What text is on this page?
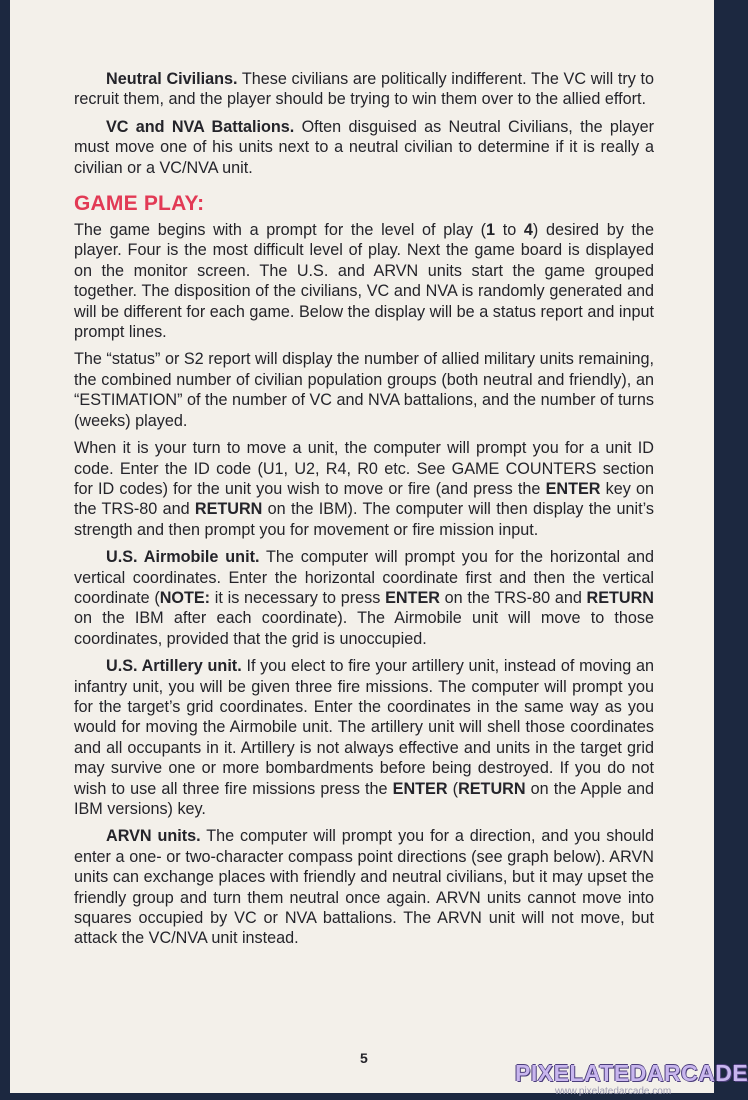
Neutral Civilians. These civilians are politically indifferent. The VC will try to recruit them, and the player should be trying to win them over to the allied effort.

VC and NVA Battalions. Often disguised as Neutral Civilians, the player must move one of his units next to a neutral civilian to determine if it is really a civilian or a VC/NVA unit.

GAME PLAY:

The game begins with a prompt for the level of play (1 to 4) desired by the player. Four is the most difficult level of play. Next the game board is displayed on the monitor screen. The U.S. and ARVN units start the game grouped together. The disposition of the civilians, VC and NVA is randomly generated and will be different for each game. Below the display will be a status report and input prompt lines.

The “status” or S2 report will display the number of allied military units remaining, the combined number of civilian population groups (both neutral and friendly), an “ESTIMATION” of the number of VC and NVA battalions, and the number of turns (weeks) played.

When it is your turn to move a unit, the computer will prompt you for a unit ID code. Enter the ID code (U1, U2, R4, R0 etc. See GAME COUNTERS section for ID codes) for the unit you wish to move or fire (and press the ENTER key on the TRS-80 and RETURN on the IBM). The computer will then display the unit’s strength and then prompt you for movement or fire mission input.

U.S. Airmobile unit. The computer will prompt you for the horizontal and vertical coordinates. Enter the horizontal coordinate first and then the vertical coordinate (NOTE: it is necessary to press ENTER on the TRS-80 and RETURN on the IBM after each coordinate). The Airmobile unit will move to those coordinates, provided that the grid is unoccupied.

U.S. Artillery unit. If you elect to fire your artillery unit, instead of moving an infantry unit, you will be given three fire missions. The computer will prompt you for the target’s grid coordinates. Enter the coordinates in the same way as you would for moving the Airmobile unit. The artillery unit will shell those coordinates and all occupants in it. Artillery is not always effective and units in the target grid may survive one or more bombardments before being destroyed. If you do not wish to use all three fire missions press the ENTER (RETURN on the Apple and IBM versions) key.

ARVN units. The computer will prompt you for a direction, and you should enter a one- or two-character compass point directions (see graph below). ARVN units can exchange places with friendly and neutral civilians, but it may upset the friendly group and turn them neutral once again. ARVN units cannot move into squares occupied by VC or NVA battalions. The ARVN unit will not move, but attack the VC/NVA unit instead.

5
PIXELATEDARCADE
www.pixelatedarcade.com
